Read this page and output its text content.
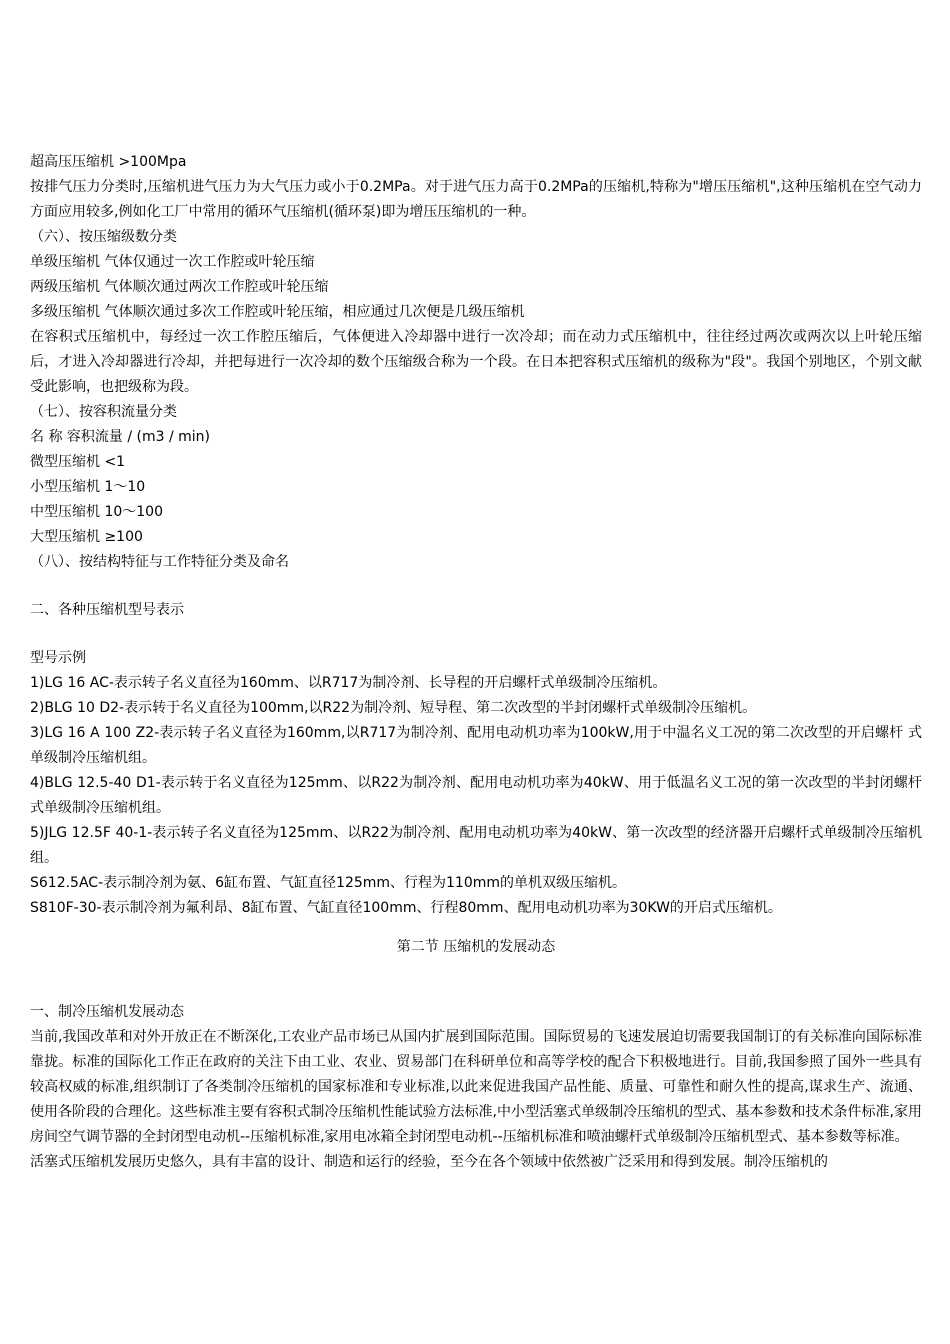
超高压压缩机 >100Mpa
按排气压力分类时,压缩机进气压力为大气压力或小于0.2MPa。对于进气压力高于0.2MPa的压缩机,特称为"增压压缩机",这种压缩机在空气动力方面应用较多,例如化工厂中常用的循环气压缩机(循环泵)即为增压压缩机的一种。
（六）、按压缩级数分类
单级压缩机 气体仅通过一次工作腔或叶轮压缩
两级压缩机 气体顺次通过两次工作腔或叶轮压缩
多级压缩机 气体顺次通过多次工作腔或叶轮压缩，相应通过几次便是几级压缩机
在容积式压缩机中，每经过一次工作腔压缩后，气体便进入冷却器中进行一次冷却；而在动力式压缩机中，往往经过两次或两次以上叶轮压缩后，才进入冷却器进行冷却，并把每进行一次冷却的数个压缩级合称为一个段。在日本把容积式压缩机的级称为"段"。我国个别地区，个别文献受此影响，也把级称为段。
（七）、按容积流量分类
名 称 容积流量 / (m3 / min)
微型压缩机 <1
小型压缩机 1～10
中型压缩机 10～100
大型压缩机 ≥100
（八）、按结构特征与工作特征分类及命名
二、各种压缩机型号表示
型号示例
1)LG 16 AC-表示转子名义直径为160mm、以R717为制冷剂、长导程的开启螺杆式单级制冷压缩机。
2)BLG 10 D2-表示转于名义直径为100mm,以R22为制冷剂、短导程、第二次改型的半封闭螺杆式单级制冷压缩机。
3)LG 16 A 100 Z2-表示转子名义直径为160mm,以R717为制冷剂、配用电动机功率为100kW,用于中温名义工况的第二次改型的开启螺杆 式单级制冷压缩机组。
4)BLG 12.5-40 D1-表示转于名义直径为125mm、以R22为制冷剂、配用电动机功率为40kW、用于低温名义工况的第一次改型的半封闭螺杆式单级制冷压缩机组。
5)JLG 12.5F 40-1-表示转子名义直径为125mm、以R22为制冷剂、配用电动机功率为40kW、第一次改型的经济器开启螺杆式单级制冷压缩机组。
S612.5AC-表示制冷剂为氨、6缸布置、气缸直径125mm、行程为110mm的单机双级压缩机。
S810F-30-表示制冷剂为氟利昂、8缸布置、气缸直径100mm、行程80mm、配用电动机功率为30KW的开启式压缩机。
第二节 压缩机的发展动态
一、制冷压缩机发展动态
当前,我国改革和对外开放正在不断深化,工农业产品市场已从国内扩展到国际范围。国际贸易的飞速发展迫切需要我国制订的有关标准向国际标准靠拢。标准的国际化工作正在政府的关注下由工业、农业、贸易部门在科研单位和高等学校的配合下积极地进行。目前,我国参照了国外一些具有较高权威的标准,组织制订了各类制冷压缩机的国家标准和专业标准,以此来促进我国产品性能、质量、可靠性和耐久性的提高,谋求生产、流通、使用各阶段的合理化。这些标准主要有容积式制冷压缩机性能试验方法标准,中小型活塞式单级制冷压缩机的型式、基本参数和技术条件标准,家用房间空气调节器的全封闭型电动机--压缩机标准,家用电冰箱全封闭型电动机--压缩机标准和喷油螺杆式单级制冷压缩机型式、基本参数等标准。
活塞式压缩机发展历史悠久，具有丰富的设计、制造和运行的经验，至今在各个领域中依然被广泛采用和得到发展。制冷压缩机的
